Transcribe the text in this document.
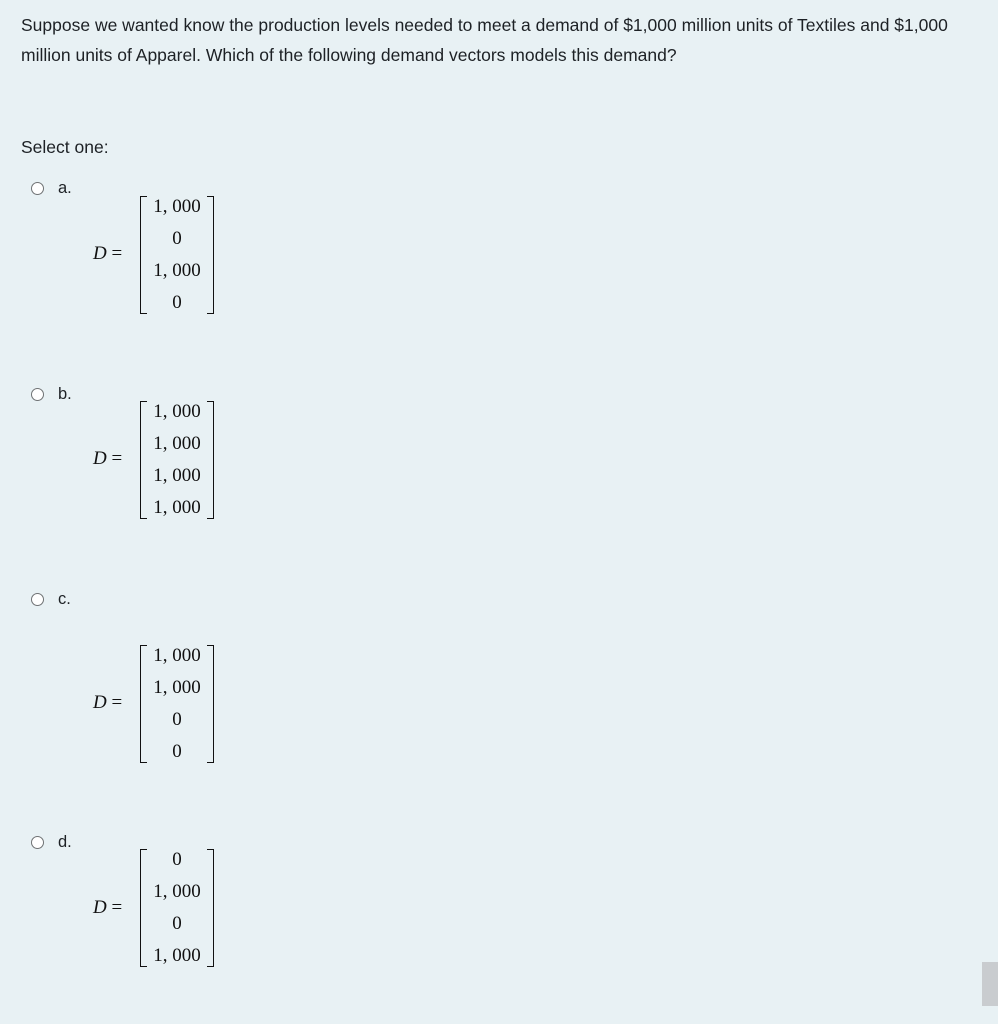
Suppose we wanted know the production levels needed to meet a demand of $1,000 million units of Textiles and $1,000 million units of Apparel. Which of the following demand vectors models this demand?

Select one:
a.
D =
1, 000
0
1, 000
0
b.
D =
1, 000
1, 000
1, 000
1, 000
c.
D =
1, 000
1, 000
0
0
d.
D =
0
1, 000
0
1, 000
